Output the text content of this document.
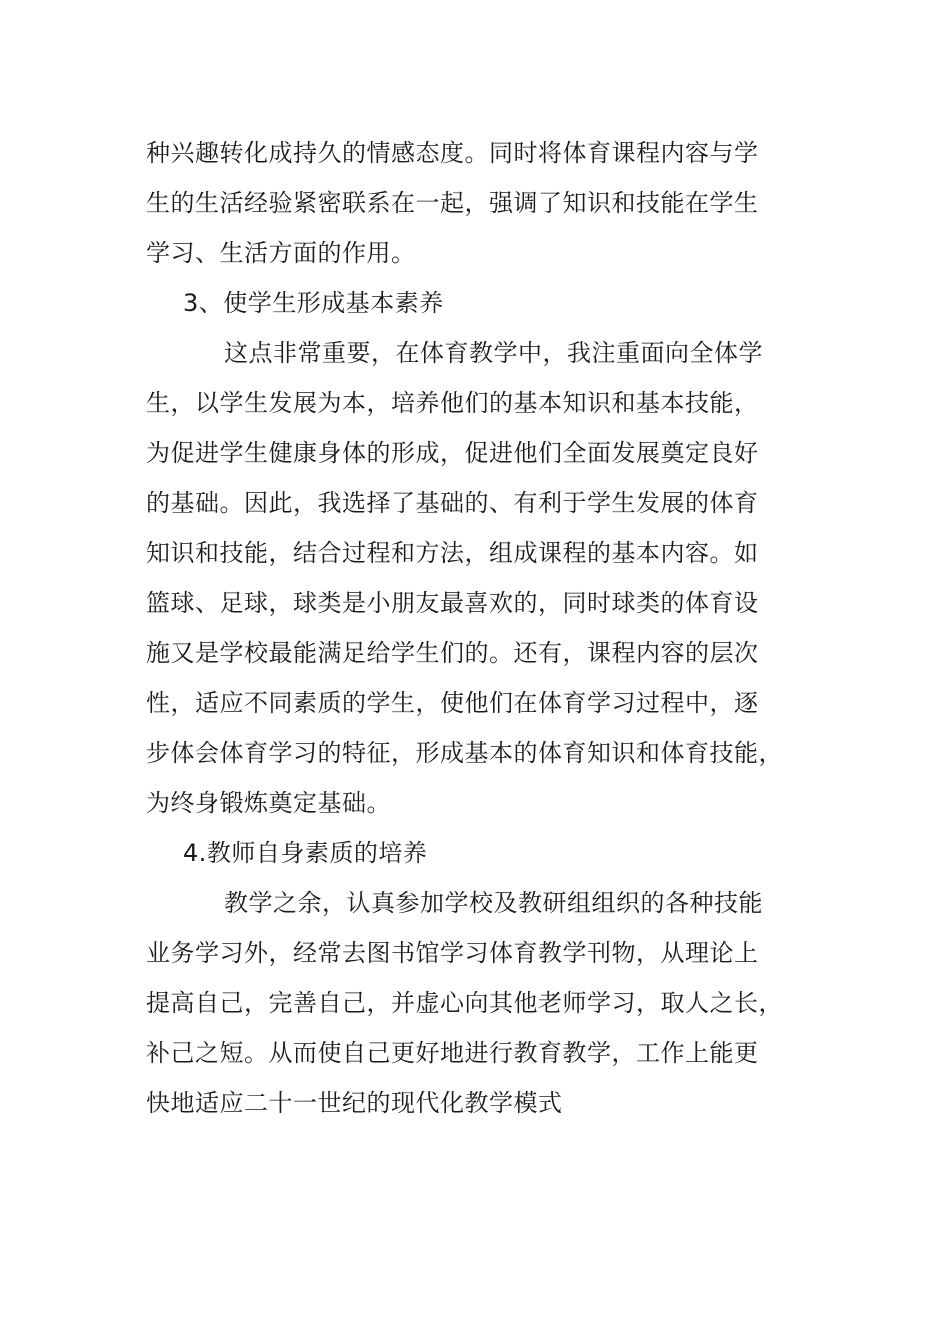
种兴趣转化成持久的情感态度。同时将体育课程内容与学
生的生活经验紧密联系在一起，强调了知识和技能在学生
学习、生活方面的作用。
3、使学生形成基本素养
这点非常重要，在体育教学中，我注重面向全体学
生，以学生发展为本，培养他们的基本知识和基本技能，
为促进学生健康身体的形成，促进他们全面发展奠定良好
的基础。因此，我选择了基础的、有利于学生发展的体育
知识和技能，结合过程和方法，组成课程的基本内容。如
篮球、足球，球类是小朋友最喜欢的，同时球类的体育设
施又是学校最能满足给学生们的。还有，课程内容的层次
性，适应不同素质的学生，使他们在体育学习过程中，逐
步体会体育学习的特征，形成基本的体育知识和体育技能，
为终身锻炼奠定基础。
4.教师自身素质的培养
教学之余，认真参加学校及教研组组织的各种技能
业务学习外，经常去图书馆学习体育教学刊物，从理论上
提高自己，完善自己，并虚心向其他老师学习，取人之长，
补己之短。从而使自己更好地进行教育教学，工作上能更
快地适应二十一世纪的现代化教学模式
